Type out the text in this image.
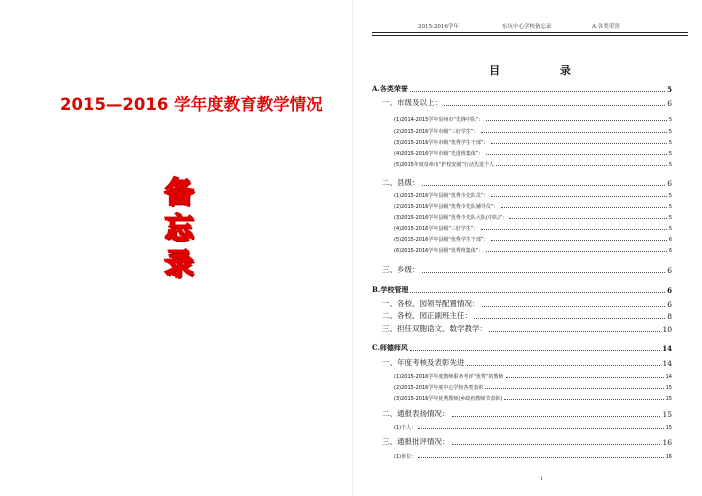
2015—2016 学年度教育教学情况
备
忘
录
2015-2016学年	东坑中心学校备忘录	A.各类荣誉
目 录
A.各类荣誉	5
一、市级及以上：	6
(1)2014-2015学年泉州市“先锋中队”：	5
(2)2015-2016学年市级“三好学生”：	5
(3)2015-2016学年市级“优秀学生干部”：	5
(4)2015-2016学年市级“先进班集体”：	5
(5)2015年度泉州市“护校安園”行动先进个人	5
二、县级：	6
(1)2015-2016学年县级“优秀少先队员”：	5
(2)2015-2016学年县级“优秀少先队辅导员”：	5
(3)2015-2016学年县级“优秀少先队大队(中队)”：	5
(4)2015-2016学年县级“三好学生”：	5
(5)2015-2016学年县级“优秀学生干部”：	6
(6)2015-2016学年县级“优秀班集体”：	6
三、乡级：	6
B.学校管理	6
一、各校、园领导配置情况：	6
二、各校、园正副班主任：	8
三、担任双胞语文、数学教学：	10
C.师德师风	14
一、年度考核及表彰先进	14
(1)2015-2016学年度教师职务考评“优秀”的教师	14
(2)2015-2016学年度中心学校各类表彰	15
(3)2015-2016学年优秀教师(乡政府教师节表彰)	15
二、通报表扬情况：	15
(1)个人：	15
三、通报批评情况：	16
(1)单位：	16
1
